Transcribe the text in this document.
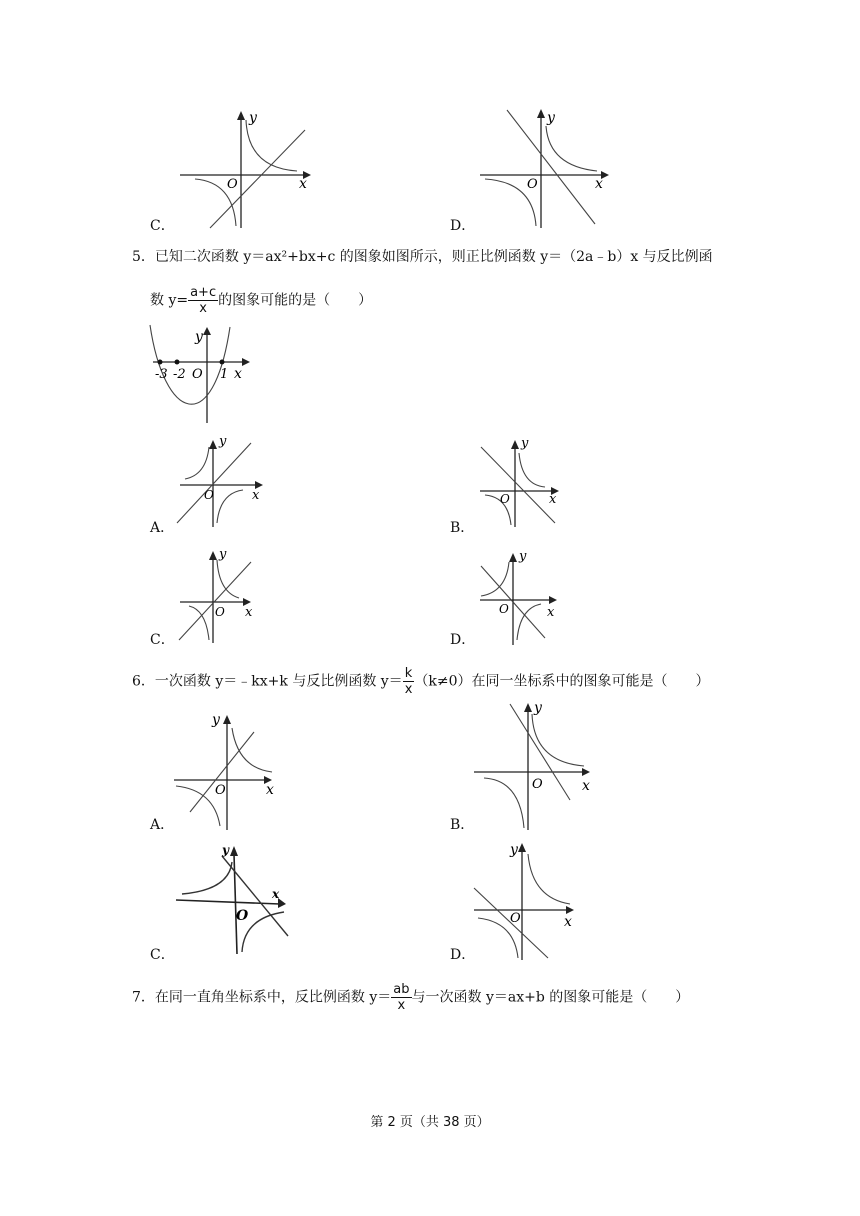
y
x
O
C．
y
x
O
D．
5．已知二次函数 y＝ax²+bx+c 的图象如图所示，则正比例函数 y＝（2a﹣b）x 与反比例函
数 $y= \frac{a+c}{x}$ 的图象可能的是（　　）
y
x
-3 -2 O 1
y
x
O
A．
y
x
O
B．
y
x
O
C．
y
x
O
D．
6．一次函数 y＝﹣kx+k 与反比例函数 $y= \frac{k}{x} (k\ne 0)$在同一坐标系中的图象可能是（　　）
y
x
O
A．
y
x
O
B．
y
x
O
C．
y
x
O
D．
7．在同一直角坐标系中，反比例函数 $y= \frac{ab}{x}$ 与一次函数 y＝ax+b 的图象可能是（　　）
第 2 页（共 38 页）
